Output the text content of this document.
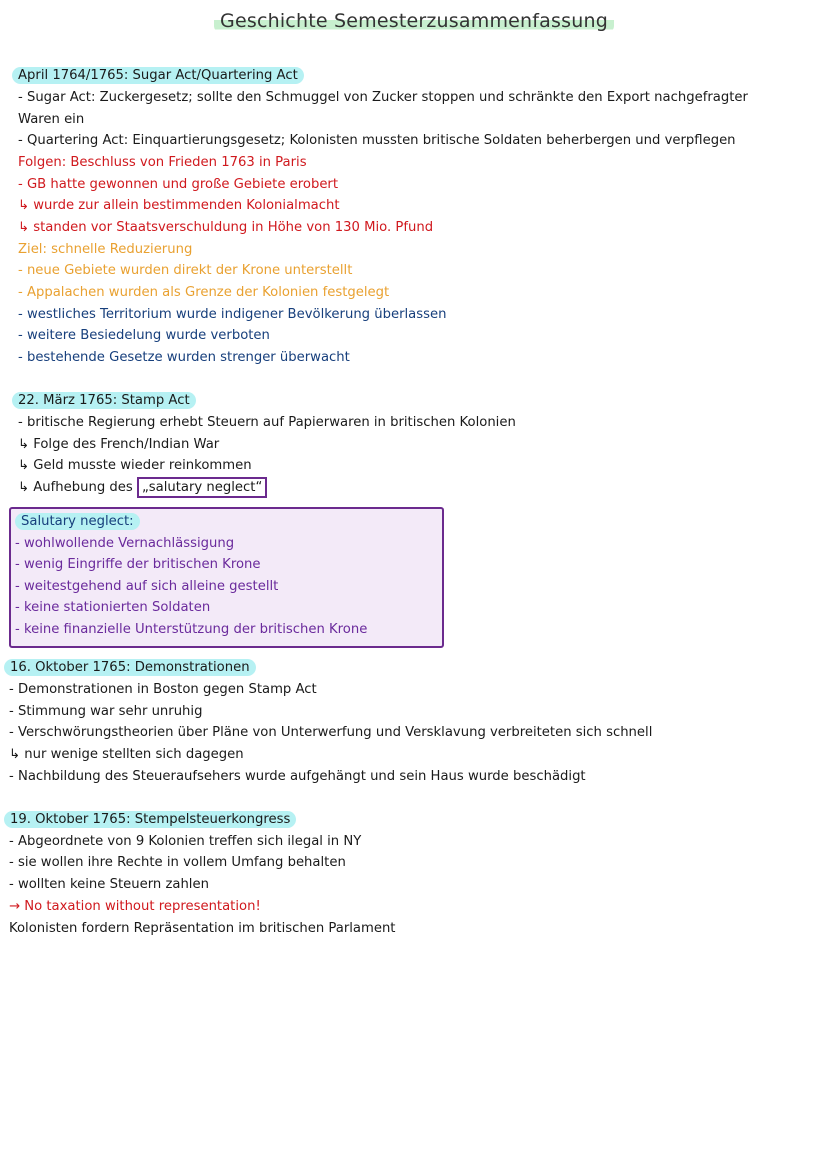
Geschichte Semesterzusammenfassung
April 1764/1765: Sugar Act/Quartering Act
- Sugar Act: Zuckergesetz; sollte den Schmuggel von Zucker stoppen und schränkte den Export nachgefragter
Waren ein
- Quartering Act: Einquartierungsgesetz; Kolonisten mussten britische Soldaten beherbergen und verpflegen
Folgen: Beschluss von Frieden 1763 in Paris
- GB hatte gewonnen und große Gebiete erobert
↳ wurde zur allein bestimmenden Kolonialmacht
↳ standen vor Staatsverschuldung in Höhe von 130 Mio. Pfund
Ziel: schnelle Reduzierung
- neue Gebiete wurden direkt der Krone unterstellt
- Appalachen wurden als Grenze der Kolonien festgelegt
- westliches Territorium wurde indigener Bevölkerung überlassen
- weitere Besiedelung wurde verboten
- bestehende Gesetze wurden strenger überwacht
22. März 1765: Stamp Act
- britische Regierung erhebt Steuern auf Papierwaren in britischen Kolonien
↳ Folge des French/Indian War
↳ Geld musste wieder reinkommen
↳ Aufhebung des „salutary neglect“
Salutary neglect:
- wohlwollende Vernachlässigung
- wenig Eingriffe der britischen Krone
- weitestgehend auf sich alleine gestellt
- keine stationierten Soldaten
- keine finanzielle Unterstützung der britischen Krone
16. Oktober 1765: Demonstrationen
- Demonstrationen in Boston gegen Stamp Act
- Stimmung war sehr unruhig
- Verschwörungstheorien über Pläne von Unterwerfung und Versklavung verbreiteten sich schnell
↳ nur wenige stellten sich dagegen
- Nachbildung des Steueraufsehers wurde aufgehängt und sein Haus wurde beschädigt
19. Oktober 1765: Stempelsteuerkongress
- Abgeordnete von 9 Kolonien treffen sich ilegal in NY
- sie wollen ihre Rechte in vollem Umfang behalten
- wollten keine Steuern zahlen
→ No taxation without representation!
Kolonisten fordern Repräsentation im britischen Parlament
